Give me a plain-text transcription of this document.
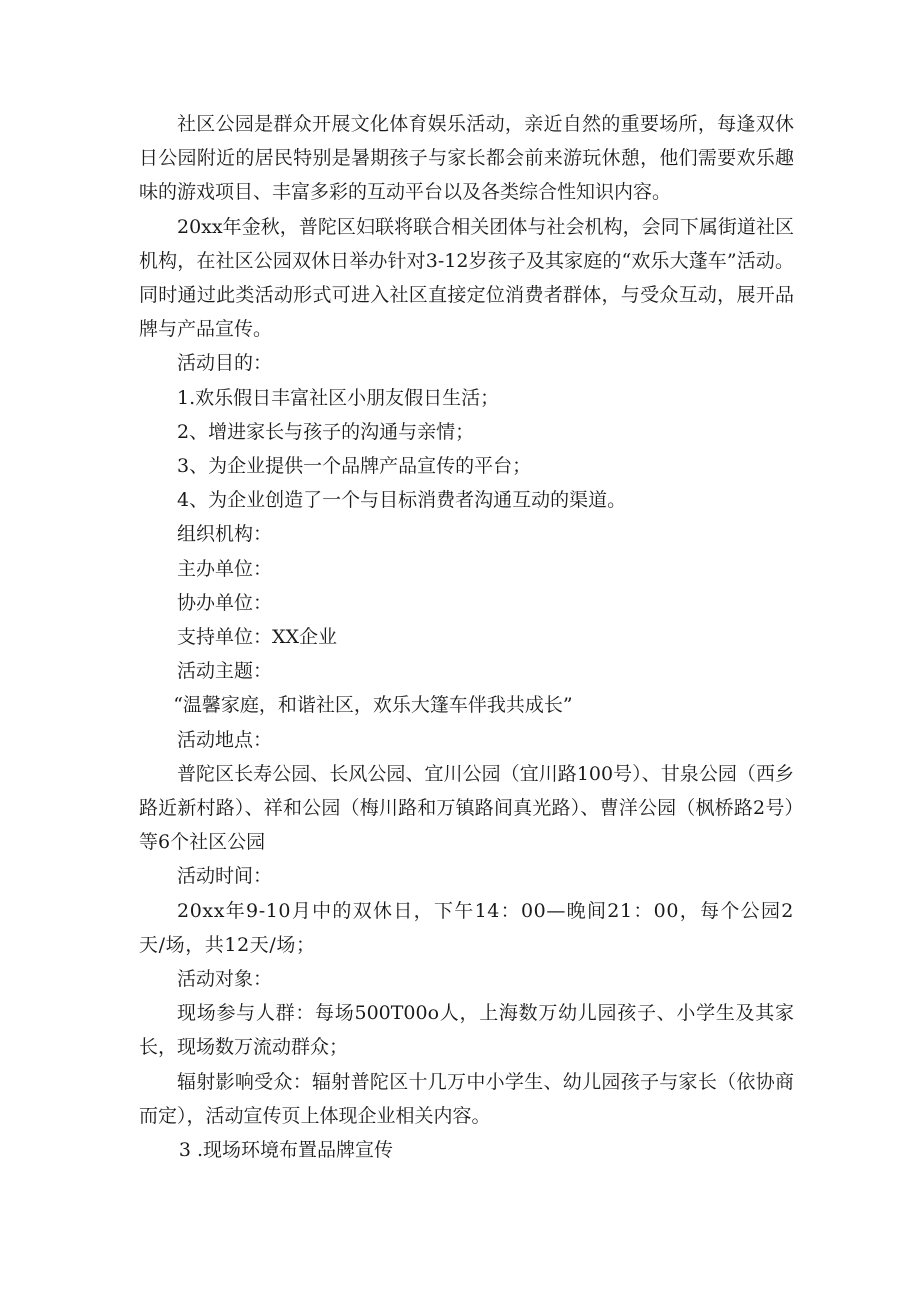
社区公园是群众开展文化体育娱乐活动，亲近自然的重要场所，每逢双休日公园附近的居民特别是暑期孩子与家长都会前来游玩休憩，他们需要欢乐趣味的游戏项目、丰富多彩的互动平台以及各类综合性知识内容。

20xx年金秋，普陀区妇联将联合相关团体与社会机构，会同下属街道社区机构，在社区公园双休日举办针对3-12岁孩子及其家庭的“欢乐大蓬车”活动。同时通过此类活动形式可进入社区直接定位消费者群体，与受众互动，展开品牌与产品宣传。

活动目的：

1.欢乐假日丰富社区小朋友假日生活；

2、增进家长与孩子的沟通与亲情；

3、为企业提供一个品牌产品宣传的平台；

4、为企业创造了一个与目标消费者沟通互动的渠道。

组织机构：

主办单位：

协办单位：

支持单位：XX企业

活动主题：

“温馨家庭，和谐社区，欢乐大篷车伴我共成长”

活动地点：

普陀区长寿公园、长风公园、宜川公园（宜川路100号）、甘泉公园（西乡路近新村路）、祥和公园（梅川路和万镇路间真光路）、曹洋公园（枫桥路2号）等6个社区公园

活动时间：

20xx年9-10月中的双休日，下午14：00—晚间21：00，每个公园2天/场，共12天/场；

活动对象：

现场参与人群：每场500T00o人，上海数万幼儿园孩子、小学生及其家长，现场数万流动群众；

辐射影响受众：辐射普陀区十几万中小学生、幼儿园孩子与家长（依协商而定），活动宣传页上体现企业相关内容。

3 .现场环境布置品牌宣传
